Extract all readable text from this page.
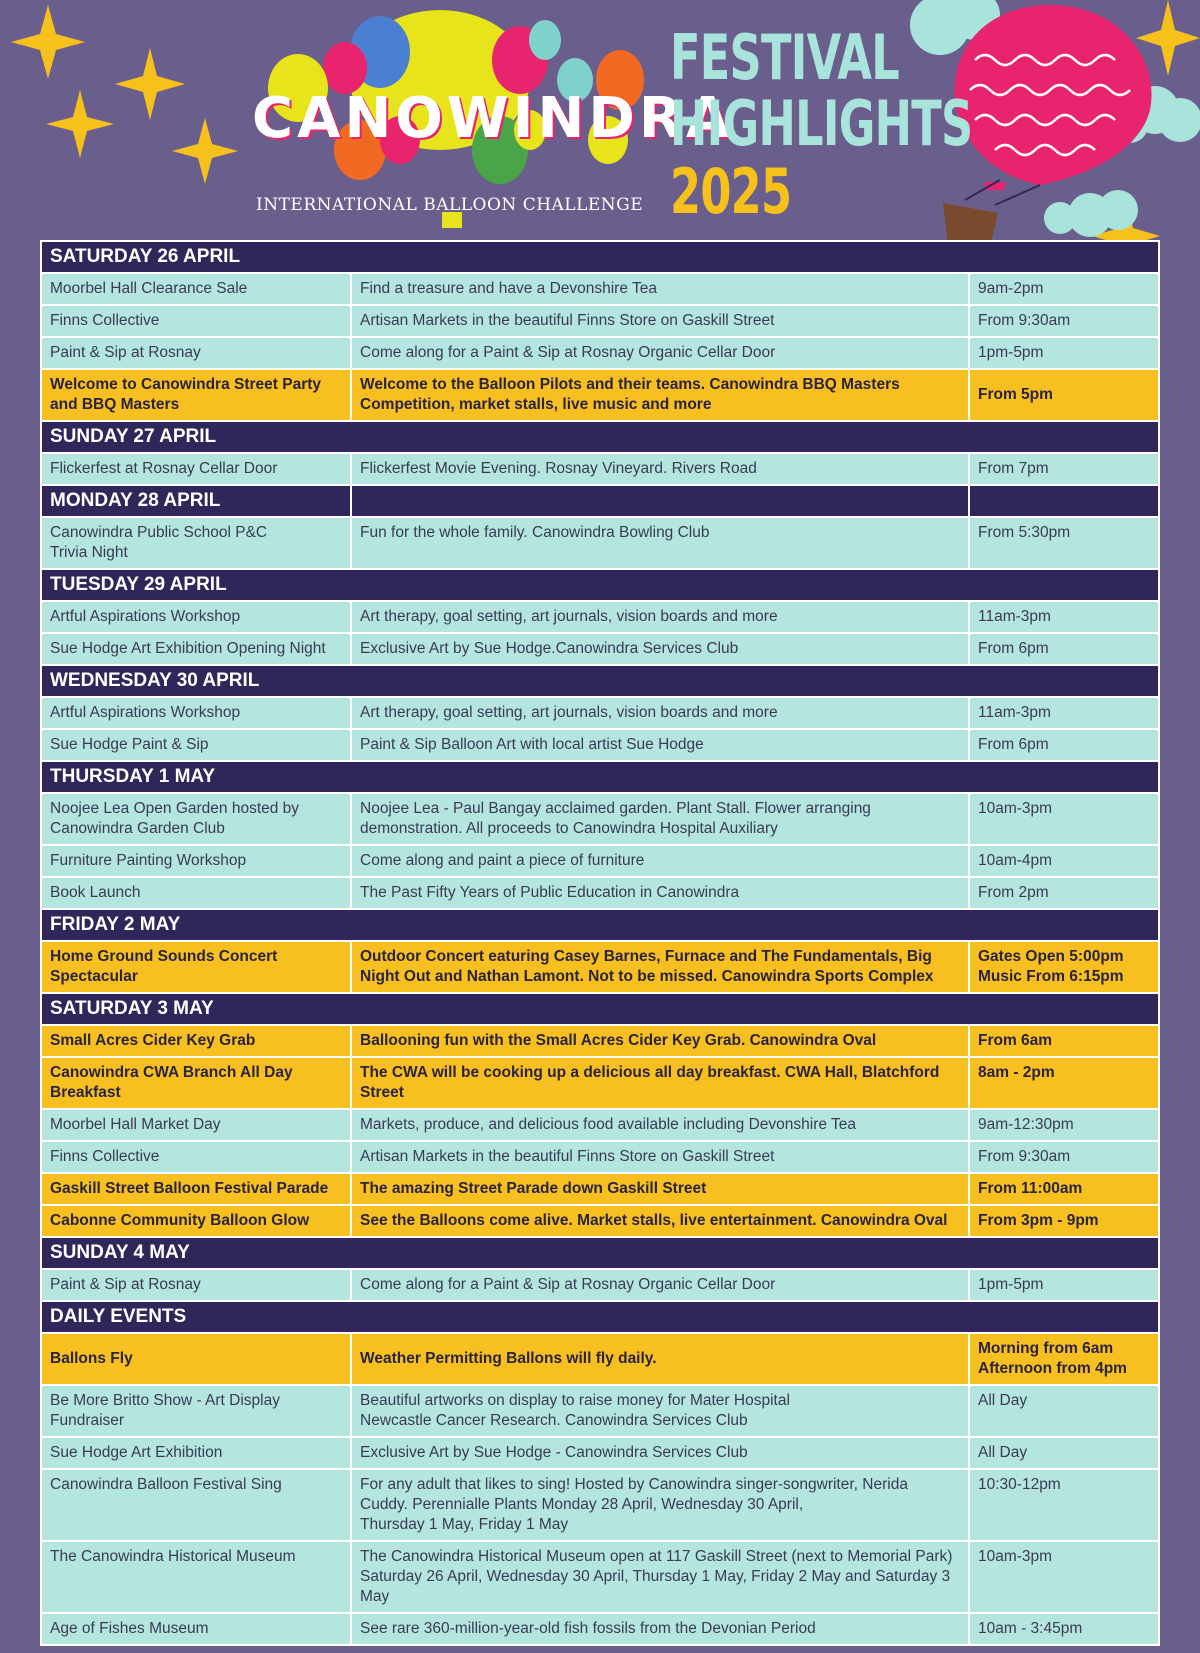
CANOWINDRA
INTERNATIONAL BALLOON CHALLENGE
FESTIVAL
HIGHLIGHTS
2025
SATURDAY 26 APRIL		
Moorbel Hall Clearance Sale	Find a treasure and have a Devonshire Tea	9am-2pm
Finns Collective	Artisan Markets in the beautiful Finns Store on Gaskill Street	From 9:30am
Paint & Sip at Rosnay	Come along for a Paint & Sip at Rosnay Organic Cellar Door	1pm-5pm
Welcome to Canowindra Street Party and BBQ Masters	Welcome to the Balloon Pilots and their teams. Canowindra BBQ Masters Competition, market stalls, live music and more	From 5pm
SUNDAY 27 APRIL		
Flickerfest at Rosnay Cellar Door	Flickerfest Movie Evening. Rosnay Vineyard. Rivers Road	From 7pm
MONDAY 28 APRIL		
Canowindra Public School P&C
Trivia Night	Fun for the whole family. Canowindra Bowling Club	From 5:30pm
TUESDAY 29 APRIL		
Artful Aspirations Workshop	Art therapy, goal setting, art journals, vision boards and more	11am-3pm
Sue Hodge Art Exhibition Opening Night	Exclusive Art by Sue Hodge.Canowindra Services Club	From 6pm
WEDNESDAY 30 APRIL		
Artful Aspirations Workshop	Art therapy, goal setting, art journals, vision boards and more	11am-3pm
Sue Hodge Paint & Sip	Paint & Sip Balloon Art with local artist Sue Hodge	From 6pm
THURSDAY 1 MAY		
Noojee Lea Open Garden hosted by Canowindra Garden Club	Noojee Lea - Paul Bangay acclaimed garden. Plant Stall. Flower arranging demonstration. All proceeds to Canowindra Hospital Auxiliary	10am-3pm
Furniture Painting Workshop	Come along and paint a piece of furniture	10am-4pm
Book Launch	The Past Fifty Years of Public Education in Canowindra	From 2pm
FRIDAY 2 MAY		
Home Ground Sounds Concert Spectacular	Outdoor Concert eaturing Casey Barnes, Furnace and The Fundamentals, Big Night Out and Nathan Lamont. Not to be missed. Canowindra Sports Complex	Gates Open 5:00pm
Music From 6:15pm
SATURDAY 3 MAY		
Small Acres Cider Key Grab	Ballooning fun with the Small Acres Cider Key Grab. Canowindra Oval	From 6am
Canowindra CWA Branch All Day Breakfast	The CWA will be cooking up a delicious all day breakfast. CWA Hall, Blatchford Street	8am - 2pm
Moorbel Hall Market Day	Markets, produce, and delicious food available including Devonshire Tea	9am-12:30pm
Finns Collective	Artisan Markets in the beautiful Finns Store on Gaskill Street	From 9:30am
Gaskill Street Balloon Festival Parade	The amazing Street Parade down Gaskill Street	From 11:00am
Cabonne Community Balloon Glow	See the Balloons come alive. Market stalls, live entertainment. Canowindra Oval	From 3pm - 9pm
SUNDAY 4 MAY		
Paint & Sip at Rosnay	Come along for a Paint & Sip at Rosnay Organic Cellar Door	1pm-5pm
DAILY EVENTS		
Ballons Fly	Weather Permitting Ballons will fly daily.	Morning from 6am
Afternoon from 4pm
Be More Britto Show - Art Display Fundraiser	Beautiful artworks on display to raise money for Mater Hospital
Newcastle Cancer Research. Canowindra Services Club	All Day
Sue Hodge Art Exhibition	Exclusive Art by Sue Hodge - Canowindra Services Club	All Day
Canowindra Balloon Festival Sing	For any adult that likes to sing! Hosted by Canowindra singer-songwriter, Nerida Cuddy. Perennialle Plants Monday 28 April, Wednesday 30 April,
Thursday 1 May, Friday 1 May	10:30-12pm
The Canowindra Historical Museum	The Canowindra Historical Museum open at 117 Gaskill Street (next to Memorial Park) Saturday 26 April, Wednesday 30 April, Thursday 1 May, Friday 2 May and Saturday 3 May	10am-3pm
Age of Fishes Museum	See rare 360-million-year-old fish fossils from the Devonian Period	10am - 3:45pm
